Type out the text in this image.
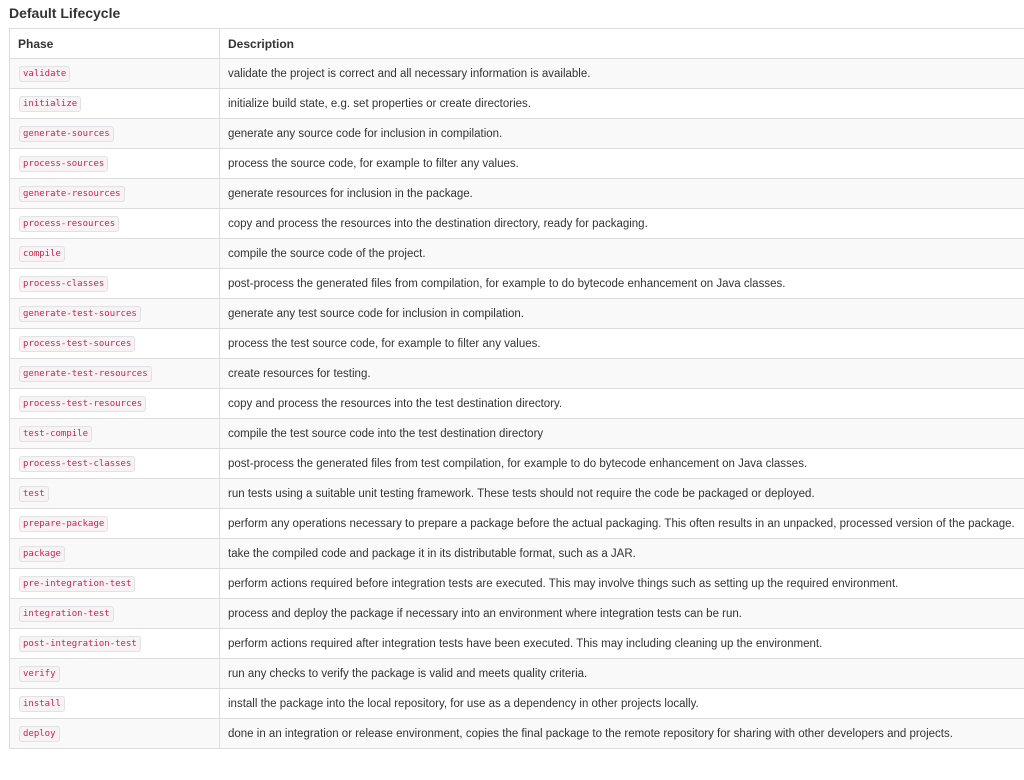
Default Lifecycle
Phase	Description
validate	validate the project is correct and all necessary information is available.
initialize	initialize build state, e.g. set properties or create directories.
generate-sources	generate any source code for inclusion in compilation.
process-sources	process the source code, for example to filter any values.
generate-resources	generate resources for inclusion in the package.
process-resources	copy and process the resources into the destination directory, ready for packaging.
compile	compile the source code of the project.
process-classes	post-process the generated files from compilation, for example to do bytecode enhancement on Java classes.
generate-test-sources	generate any test source code for inclusion in compilation.
process-test-sources	process the test source code, for example to filter any values.
generate-test-resources	create resources for testing.
process-test-resources	copy and process the resources into the test destination directory.
test-compile	compile the test source code into the test destination directory
process-test-classes	post-process the generated files from test compilation, for example to do bytecode enhancement on Java classes.
test	run tests using a suitable unit testing framework. These tests should not require the code be packaged or deployed.
prepare-package	perform any operations necessary to prepare a package before the actual packaging. This often results in an unpacked, processed version of the package.
package	take the compiled code and package it in its distributable format, such as a JAR.
pre-integration-test	perform actions required before integration tests are executed. This may involve things such as setting up the required environment.
integration-test	process and deploy the package if necessary into an environment where integration tests can be run.
post-integration-test	perform actions required after integration tests have been executed. This may including cleaning up the environment.
verify	run any checks to verify the package is valid and meets quality criteria.
install	install the package into the local repository, for use as a dependency in other projects locally.
deploy	done in an integration or release environment, copies the final package to the remote repository for sharing with other developers and projects.
